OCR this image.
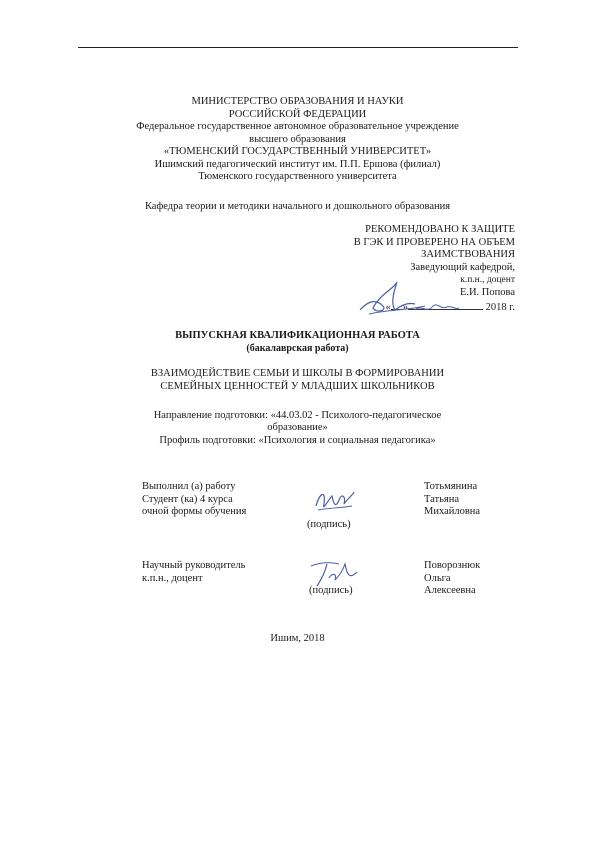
МИНИСТЕРСТВО ОБРАЗОВАНИЯ И НАУКИ
РОССИЙСКОЙ ФЕДЕРАЦИИ
Федеральное государственное автономное образовательное учреждение
высшего образования
«ТЮМЕНСКИЙ ГОСУДАРСТВЕННЫЙ УНИВЕРСИТЕТ»
Ишимский педагогический институт им. П.П. Ершова (филиал)
Тюменского государственного университета
Кафедра теории и методики начального и дошкольного образования
РЕКОМЕНДОВАНО К ЗАЩИТЕ
В ГЭК И ПРОВЕРЕНО НА ОБЪЕМ
ЗАИМСТВОВАНИЯ
Заведующий кафедрой,
к.п.н., доцент
Е.И. Попова
« »	2018 г.
ВЫПУСКНАЯ КВАЛИФИКАЦИОННАЯ РАБОТА
(бакалаврская работа)
ВЗАИМОДЕЙСТВИЕ СЕМЬИ И ШКОЛЫ В ФОРМИРОВАНИИ
СЕМЕЙНЫХ ЦЕННОСТЕЙ У МЛАДШИХ ШКОЛЬНИКОВ
Направление подготовки: «44.03.02 - Психолого-педагогическое
образование»
Профиль подготовки: «Психология и социальная педагогика»
Выполнил (а) работу
Студент (ка) 4 курса
очной формы обучения
Тотьмянина
Татьяна
Михайловна
(подпись)
Научный руководитель
к.п.н., доцент
Поворознюк
Ольга
Алексеевна
(подпись)
Ишим, 2018
